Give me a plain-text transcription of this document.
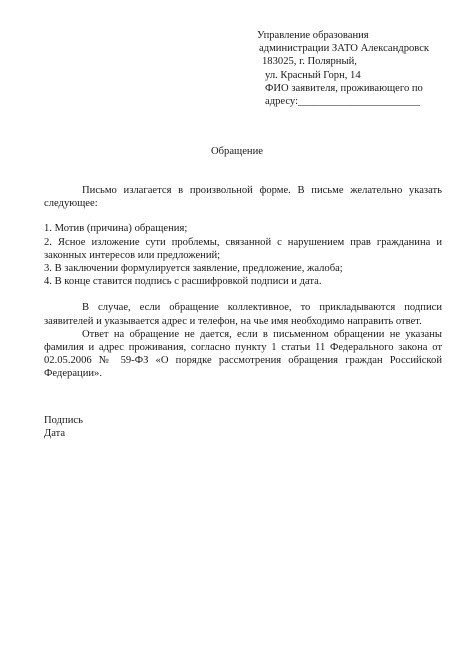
Управление образования
администрации ЗАТО Александровск
183025, г. Полярный,
ул. Красный Горн, 14
ФИО заявителя, проживающего по
адресу:_______________________
Обращение

Письмо излагается в произвольной форме. В письме желательно указать следующее:

1. Мотив (причина) обращения;

2. Ясное изложение сути проблемы, связанной с нарушением прав гражданина и законных интересов или предложений;

3. В заключении формулируется заявление, предложение, жалоба;

4. В конце ставится подпись с расшифровкой подписи и дата.

В случае, если обращение коллективное, то прикладываются подписи заявителей и указывается адрес и телефон, на чье имя необходимо направить ответ.

Ответ на обращение не дается, если в письменном обращении не указаны фамилия и адрес проживания, согласно пункту 1 статьи 11 Федерального закона от 02.05.2006 № 59-ФЗ «О порядке рассмотрения обращения граждан Российской Федерации».

Подпись
Дата
